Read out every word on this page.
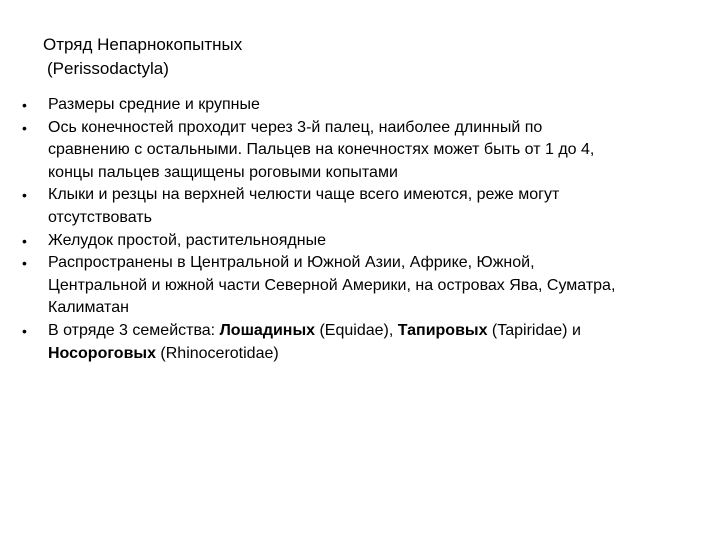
Отряд Непарнокопытных
(Perissodactyla)
•	Размеры средние и крупные
•	Ось конечностей проходит через 3-й палец, наиболее длинный по
сравнению с остальными. Пальцев на конечностях может быть от 1 до 4,
концы пальцев защищены роговыми копытами
•	Клыки и резцы на верхней челюсти чаще всего имеются, реже могут
отсутствовать
•	Желудок простой, растительноядные
•	Распространены в Центральной и Южной Азии, Африке, Южной,
Центральной и южной части Северной Америки, на островах Ява, Суматра,
Калиматан
•	В отряде 3 семейства: Лошадиных (Equidae), Тапировых (Tapiridae) и
Носороговых (Rhinocerotidae)
